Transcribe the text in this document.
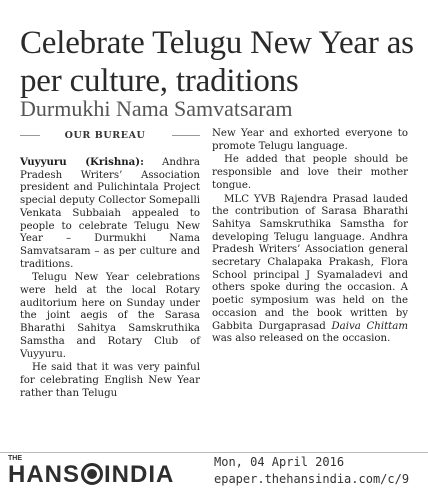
Celebrate Telugu New Year as per culture, traditions
Durmukhi Nama Samvatsaram
OUR BUREAU

Vuyyuru (Krishna): Andhra Pradesh Writers’ Association president and Pulichintala Project special deputy Collector Somepalli Venkata Subbaiah appealed to people to celebrate Telugu New Year – Durmukhi Nama Samvatsaram – as per culture and traditions.

Telugu New Year celebrations were held at the local Rotary auditorium here on Sunday under the joint aegis of the Sarasa Bharathi Sahitya Samskruthika Samstha and Rotary Club of Vuyyuru.

He said that it was very painful for celebrating English New Year rather than Telugu

New Year and exhorted everyone to promote Telugu language.

He added that people should be responsible and love their mother tongue.

MLC YVB Rajendra Prasad lauded the contribution of Sarasa Bharathi Sahitya Samskruthika Samstha for developing Telugu language. Andhra Pradesh Writers’ Association general secretary Chalapaka Prakash, Flora School principal J Syamaladevi and others spoke during the occasion. A poetic symposium was held on the occasion and the book written by Gabbita Durgaprasad Daiva Chittam was also released on the occasion.

THE
HANS INDIA	Mon, 04 April 2016
epaper.thehansindia.com/c/9
